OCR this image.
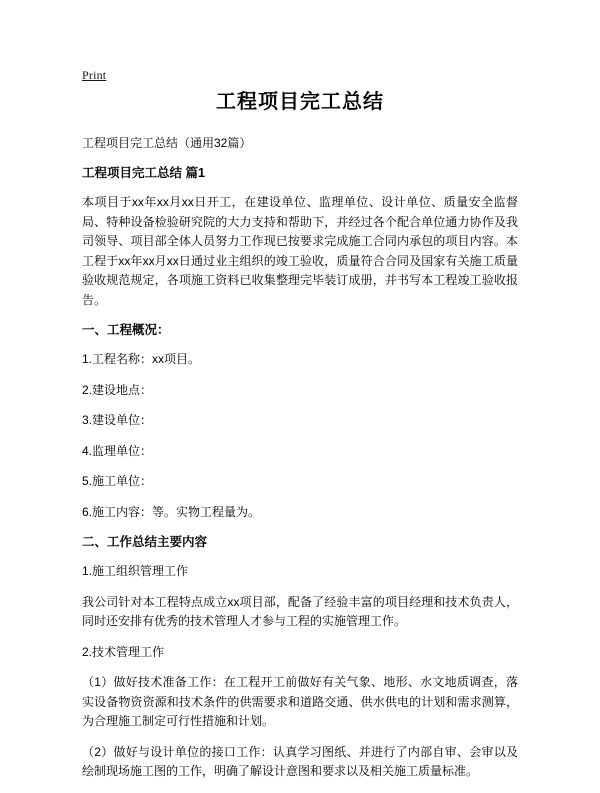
Print
工程项目完工总结

工程项目完工总结（通用32篇）

工程项目完工总结 篇1

本项目于xx年xx月xx日开工，在建设单位、监理单位、设计单位、质量安全监督局、特种设备检验研究院的大力支持和帮助下，并经过各个配合单位通力协作及我司领导、项目部全体人员努力工作现已按要求完成施工合同内承包的项目内容。本工程于xx年xx月xx日通过业主组织的竣工验收，质量符合合同及国家有关施工质量验收规范规定，各项施工资料已收集整理完毕装订成册，并书写本工程竣工验收报告。

一、工程概况：

1.工程名称：xx项目。

2.建设地点：

3.建设单位：

4.监理单位：

5.施工单位：

6.施工内容：等。实物工程量为。

二、工作总结主要内容

1.施工组织管理工作

我公司针对本工程特点成立xx项目部，配备了经验丰富的项目经理和技术负责人，同时还安排有优秀的技术管理人才参与工程的实施管理工作。

2.技术管理工作

（1）做好技术准备工作：在工程开工前做好有关气象、地形、水文地质调查，落实设备物资资源和技术条件的供需要求和道路交通、供水供电的计划和需求测算，为合理施工制定可行性措施和计划。

（2）做好与设计单位的接口工作：认真学习图纸、并进行了内部自审、会审以及绘制现场施工图的工作，明确了解设计意图和要求以及相关施工质量标准。
